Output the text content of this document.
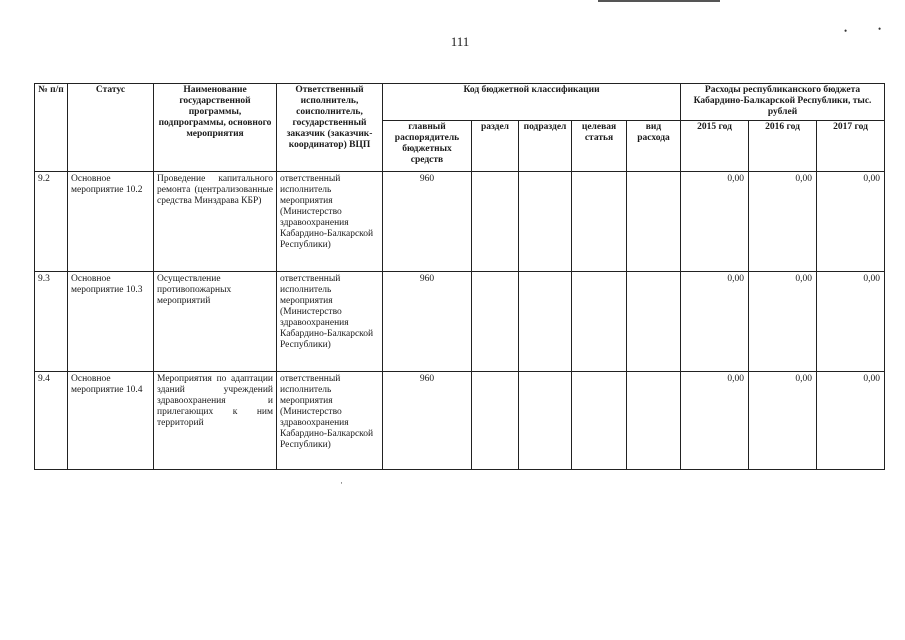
111
•	•
·
№ п/п	Статус	Наименование государственной программы, подпрограммы, основного мероприятия	Ответственный исполнитель, соисполнитель, государственный заказчик (заказчик-координатор) ВЦП	Код бюджетной классификации					Расходы республиканского бюджета Кабардино-Балкарской Республики, тыс. рублей		
				главный распорядитель бюджетных средств	раздел	подраздел	целевая статья	вид расхода	2015 год	2016 год	2017 год
9.2	Основное мероприятие 10.2	Проведение капитального ремонта (централизованные средства Минздрава КБР)	ответственный исполнитель мероприятия (Министерство здравоохранения Кабардино-Балкарской Республики)	960					0,00	0,00	0,00
9.3	Основное мероприятие 10.3	Осуществление противопожарных мероприятий	ответственный исполнитель мероприятия (Министерство здравоохранения Кабардино-Балкарской Республики)	960					0,00	0,00	0,00
9.4	Основное мероприятие 10.4	Мероприятия по адаптации зданий учреждений здравоохранения и прилегающих к ним территорий	ответственный исполнитель мероприятия (Министерство здравоохранения Кабардино-Балкарской Республики)	960					0,00	0,00	0,00
